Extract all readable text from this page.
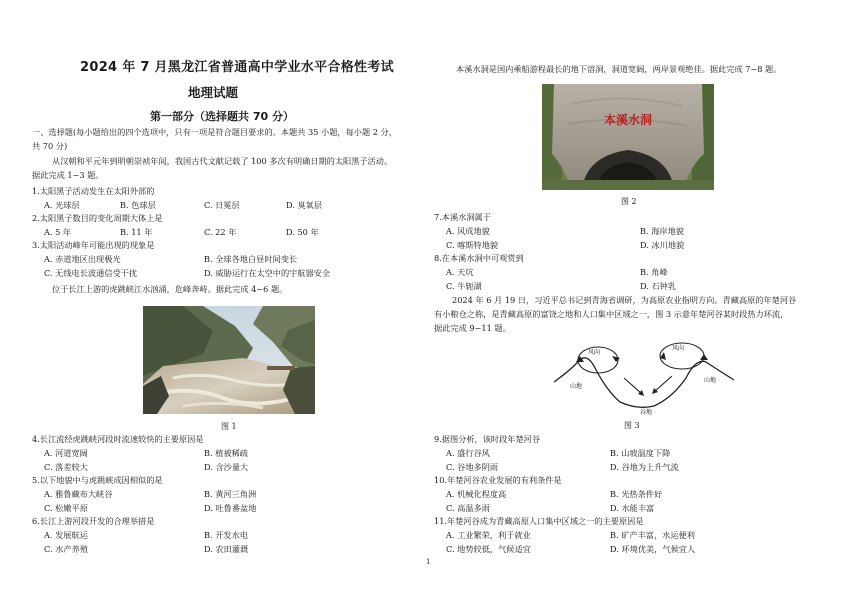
2024 年 7 月黑龙江省普通高中学业水平合格性考试
地理试题
第一部分（选择题共 70 分）
一、选择题(每小题给出的四个选项中，只有一项是符合题目要求的。本题共 35 小题，每小题 2 分，
共 70 分)
从汉朝和平元年到明朝崇祯年间，我国古代文献记载了 100 多次有明确日期的太阳黑子活动。
据此完成 1~3 题。
1.太阳黑子活动发生在太阳外部的
A. 光球层	B. 色球层	C. 日冕层	D. 臭氧层
2.太阳黑子数目的变化周期大体上是
A. 5 年	B. 11 年	C. 22 年	D. 50 年
3.太阳活动峰年可能出现的现象是
A. 赤道地区出现极光	B. 全球各地白昼时间变长
C. 无线电长波通信受干扰	D. 威胁运行在太空中的宇航器安全
位于长江上游的虎跳峡江水汹涌，危峰奔峙。据此完成 4~6 题。
图 1
4.长江流经虎跳峡河段时流速较快的主要原因是
A. 河道宽阔	B. 植被稀疏
C. 落差较大	D. 含沙量大
5.以下地貌中与虎跳峡成因相似的是
A. 雅鲁藏布大峡谷	B. 黄河三角洲
C. 松嫩平原	D. 吐鲁番盆地
6.长江上游河段开发的合理举措是
A. 发展航运	B. 开发水电
C. 水产养殖	D. 农田灌溉
本溪水洞是国内乘船游程最长的地下溶洞，洞道宽阔，两岸景观绝佳。据此完成 7~8 题。
本溪水洞
图 2
7.本溪水洞属于
A. 风成地貌	B. 海岸地貌
C. 喀斯特地貌	D. 冰川地貌
8.在本溪水洞中可观赏到
A. 天坑	B. 角峰
C. 牛轭湖	D. 石钟乳
2024 年 6 月 19 日，习近平总书记到青海省调研，为高原农业指明方向。青藏高原的年楚河谷
有小粮仓之称，是青藏高原的富饶之地和人口集中区域之一，图 3 示意年楚河谷某时段热力环流，
据此完成 9~11 题。
风向
风向
山地
山地
谷地
图 3
9.据图分析，该时段年楚河谷
A. 盛行谷风	B. 山坡温度下降
C. 谷地多阴雨	D. 谷地为上升气流
10.年楚河谷农业发展的有利条件是
A. 机械化程度高	B. 光热条件好
C. 高温多雨	D. 水能丰富
11.年楚河谷成为青藏高原人口集中区域之一的主要原因是
A. 工业繁荣，利于就业	B. 矿产丰富，水运便利
C. 地势较低，气候适宜	D. 环境优美，气候宜人
1
